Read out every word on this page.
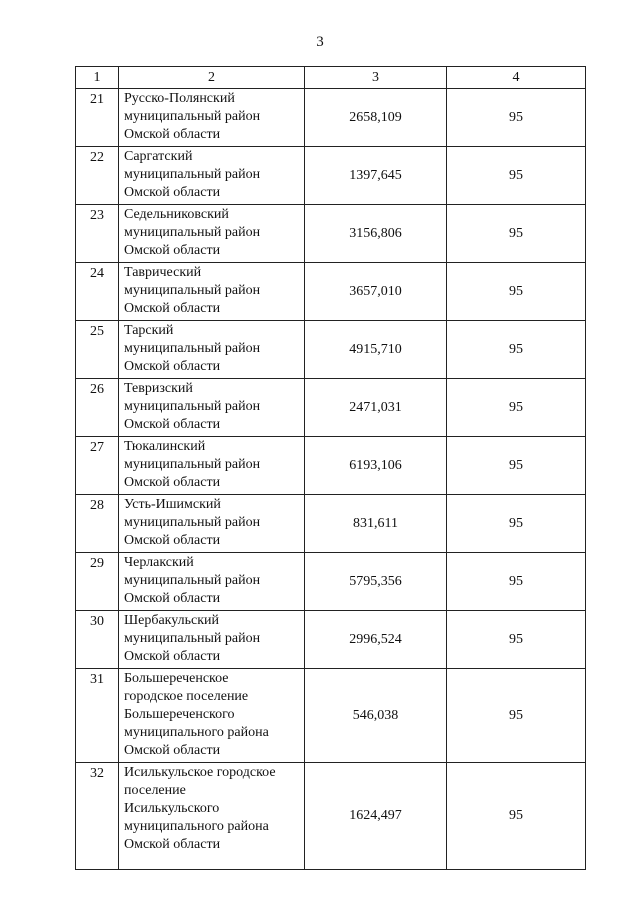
3
1	2	3	4
21	Русско-Полянский
муниципальный район
Омской области	2658,109	95
22	Саргатский
муниципальный район
Омской области	1397,645	95
23	Седельниковский
муниципальный район
Омской области	3156,806	95
24	Таврический
муниципальный район
Омской области	3657,010	95
25	Тарский
муниципальный район
Омской области	4915,710	95
26	Тевризский
муниципальный район
Омской области	2471,031	95
27	Тюкалинский
муниципальный район
Омской области	6193,106	95
28	Усть-Ишимский
муниципальный район
Омской области	831,611	95
29	Черлакский
муниципальный район
Омской области	5795,356	95
30	Шербакульский
муниципальный район
Омской области	2996,524	95
31	Большереченское
городское поселение
Большереченского
муниципального района
Омской области	546,038	95
32	Исилькульское городское
поселение
Исилькульского
муниципального района
Омской области	1624,497	95
